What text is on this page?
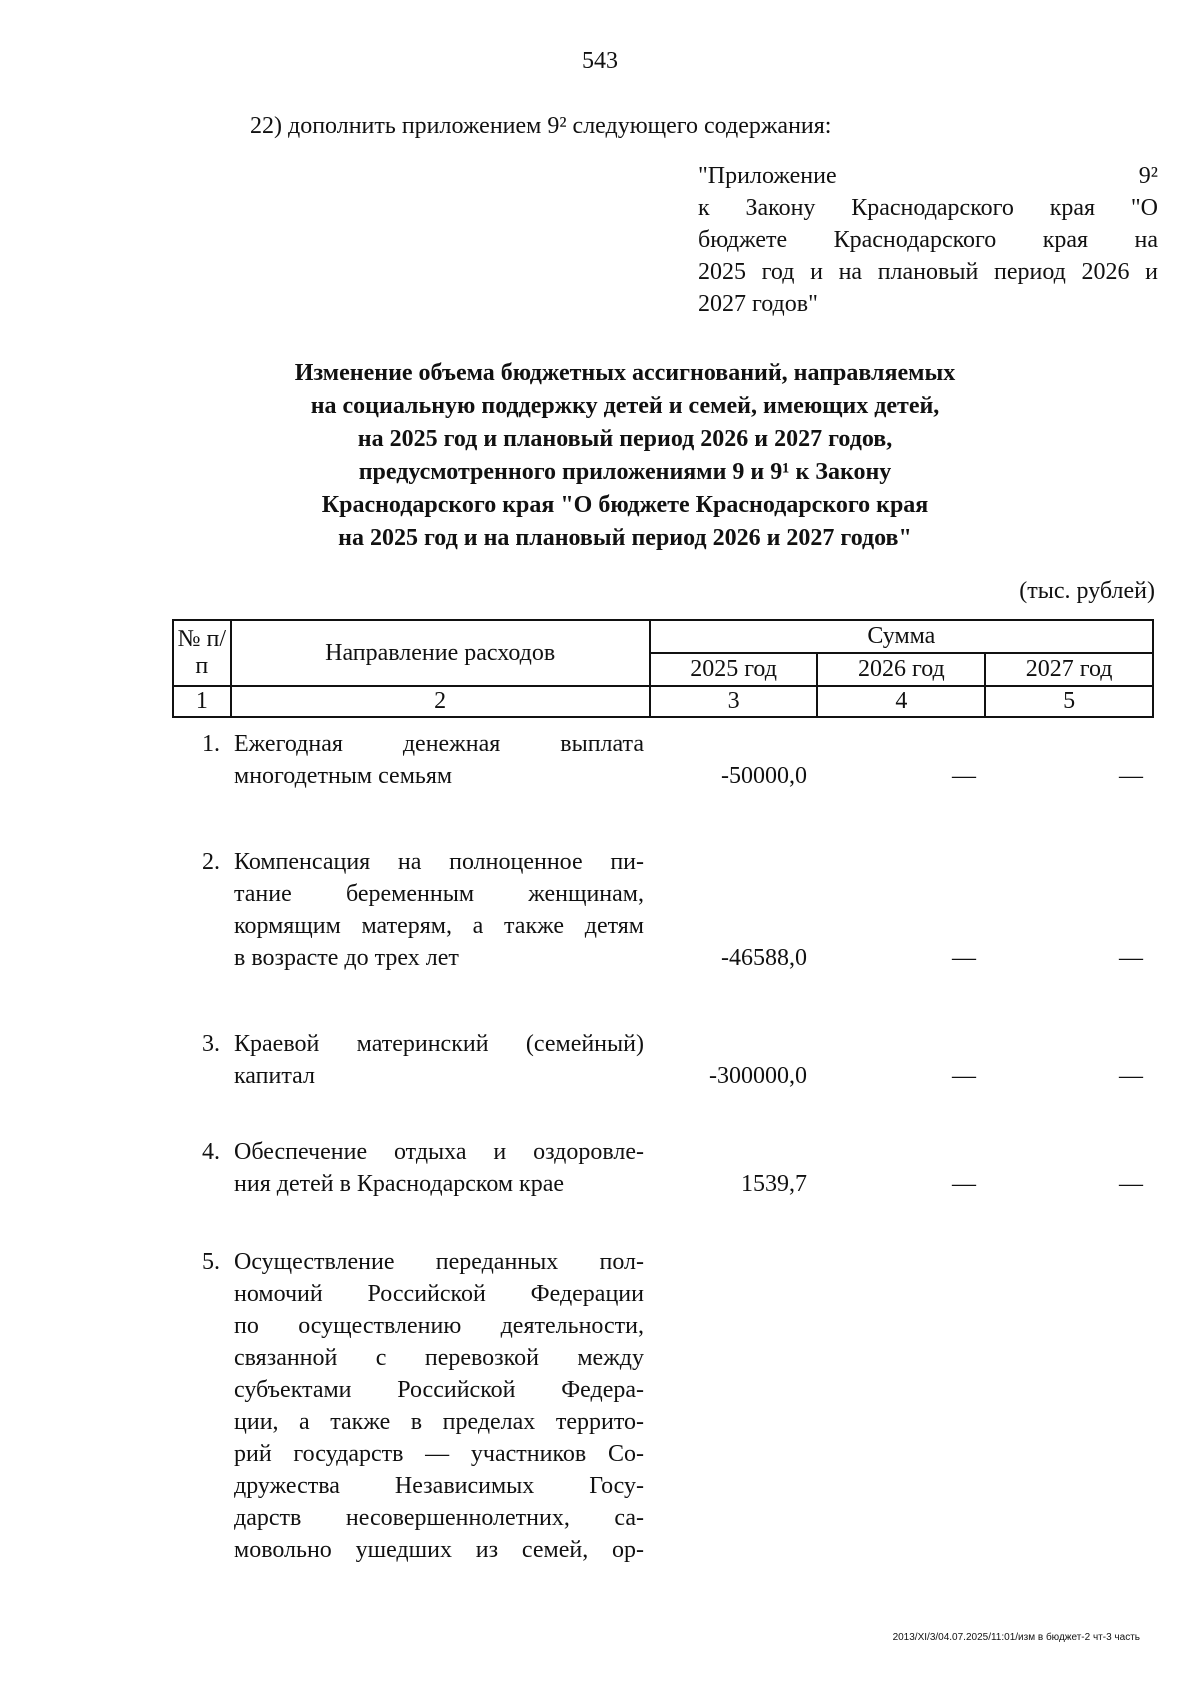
543
22) дополнить приложением 9² следующего содержания:
"Приложение 9²
к Закону Краснодарского края "О
бюджете Краснодарского края на
2025 год и на плановый период 2026 и
2027 годов"
Изменение объема бюджетных ассигнований, направляемых
на социальную поддержку детей и семей, имеющих детей,
на 2025 год и плановый период 2026 и 2027 годов,
предусмотренного приложениями 9 и 9¹ к Закону
Краснодарского края "О бюджете Краснодарского края
на 2025 год и на плановый период 2026 и 2027 годов"
(тыс. рублей)
№ п/п	Направление расходов	Сумма		
		2025 год	2026 год	2027 год
1	2	3	4	5
1. Ежегодная денежная выплата
многодетным семьям	-50000,0	—	—
2. Компенсация на полноценное пи-
тание беременным женщинам,
кормящим матерям, а также детям
в возрасте до трех лет	-46588,0	—	—
3. Краевой материнский (семейный)
капитал	-300000,0	—	—
4. Обеспечение отдыха и оздоровле-
ния детей в Краснодарском крае	1539,7	—	—
5. Осуществление переданных пол-
номочий Российской Федерации
по осуществлению деятельности,
связанной с перевозкой между
субъектами Российской Федера-
ции, а также в пределах террито-
рий государств — участников Со-
дружества Независимых Госу-
дарств несовершеннолетних, са-
мовольно ушедших из семей, ор-
2013/XI/3/04.07.2025/11:01/изм в бюджет-2 чт-3 часть
